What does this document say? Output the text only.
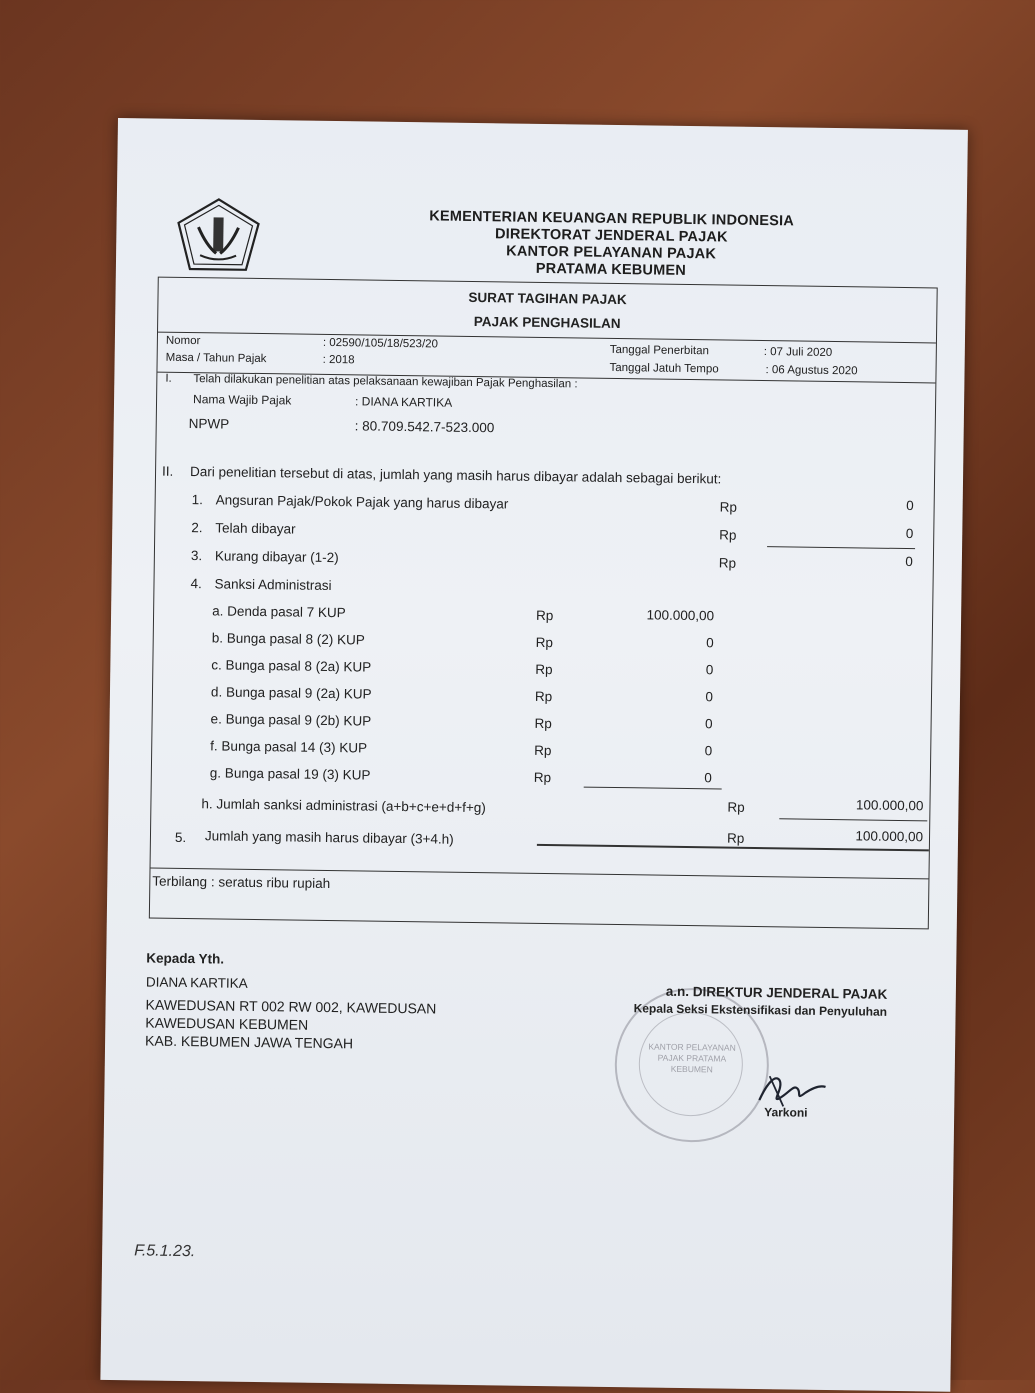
KEMENTERIAN KEUANGAN REPUBLIK INDONESIA
DIREKTORAT JENDERAL PAJAK
KANTOR PELAYANAN PAJAK
PRATAMA KEBUMEN
SURAT TAGIHAN PAJAK
PAJAK PENGHASILAN
Nomor	: 02590/105/18/523/20
Tanggal Penerbitan	: 07 Juli 2020
Masa / Tahun Pajak	: 2018
Tanggal Jatuh Tempo	: 06 Agustus 2020
I. Telah dilakukan penelitian atas pelaksanaan kewajiban Pajak Penghasilan :
Nama Wajib Pajak	: DIANA KARTIKA
NPWP	: 80.709.542.7-523.000
II. Dari penelitian tersebut di atas, jumlah yang masih harus dibayar adalah sebagai berikut:
1. Angsuran Pajak/Pokok Pajak yang harus dibayar	Rp	0
2. Telah dibayar	Rp	0
3. Kurang dibayar (1-2)	Rp	0
4. Sanksi Administrasi
a. Denda pasal 7 KUP	Rp	100.000,00
b. Bunga pasal 8 (2) KUP	Rp	0
c. Bunga pasal 8 (2a) KUP	Rp	0
d. Bunga pasal 9 (2a) KUP	Rp	0
e. Bunga pasal 9 (2b) KUP	Rp	0
f. Bunga pasal 14 (3) KUP	Rp	0
g. Bunga pasal 19 (3) KUP	Rp	0
h. Jumlah sanksi administrasi (a+b+c+e+d+f+g)	Rp	100.000,00
5. Jumlah yang masih harus dibayar (3+4.h)	Rp	100.000,00
Terbilang : seratus ribu rupiah
Kepada Yth.
DIANA KARTIKA
KAWEDUSAN RT 002 RW 002, KAWEDUSAN
KAWEDUSAN KEBUMEN
KAB. KEBUMEN JAWA TENGAH	KANTOR PELAYANAN
PAJAK PRATAMA
KEBUMEN
a.n. DIREKTUR JENDERAL PAJAK
Kepala Seksi Ekstensifikasi dan Penyuluhan
Yarkoni
F.5.1.23.
